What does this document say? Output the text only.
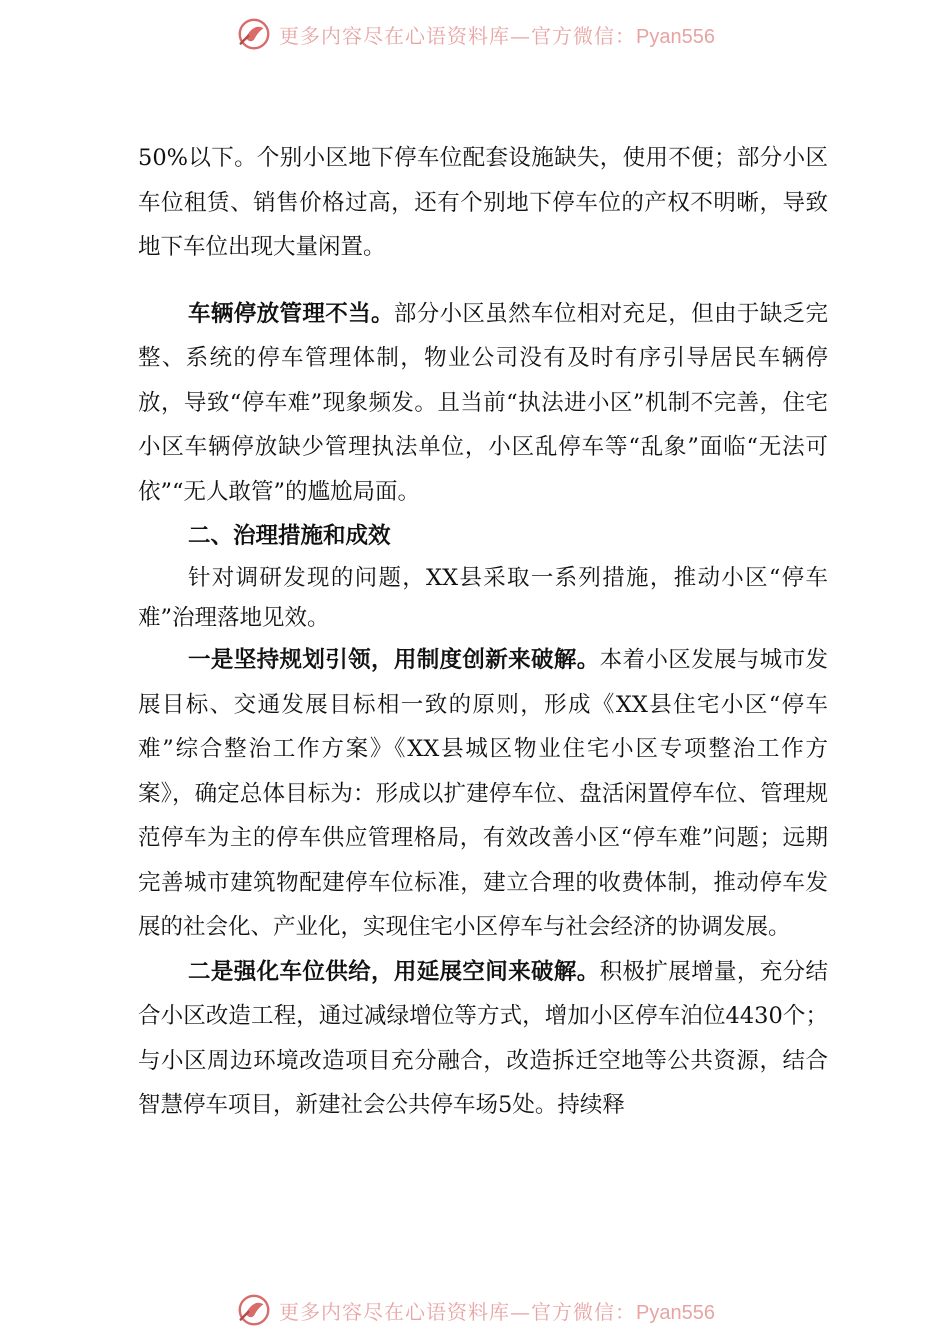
更多内容尽在心语资料库—官方微信：Pyan556

50%以下。个别小区地下停车位配套设施缺失，使用不便；部分小区车位租赁、销售价格过高，还有个别地下停车位的产权不明晰，导致地下车位出现大量闲置。

车辆停放管理不当。部分小区虽然车位相对充足，但由于缺乏完整、系统的停车管理体制，物业公司没有及时有序引导居民车辆停放，导致“停车难”现象频发。且当前“执法进小区”机制不完善，住宅小区车辆停放缺少管理执法单位，小区乱停车等“乱象”面临“无法可依”“无人敢管”的尴尬局面。

二、治理措施和成效

针对调研发现的问题，XX县采取一系列措施，推动小区“停车难”治理落地见效。

一是坚持规划引领，用制度创新来破解。本着小区发展与城市发展目标、交通发展目标相一致的原则，形成《XX县住宅小区“停车难”综合整治工作方案》《XX县城区物业住宅小区专项整治工作方案》，确定总体目标为：形成以扩建停车位、盘活闲置停车位、管理规范停车为主的停车供应管理格局，有效改善小区“停车难”问题；远期完善城市建筑物配建停车位标准，建立合理的收费体制，推动停车发展的社会化、产业化，实现住宅小区停车与社会经济的协调发展。

二是强化车位供给，用延展空间来破解。积极扩展增量，充分结合小区改造工程，通过减绿增位等方式，增加小区停车泊位4430个；与小区周边环境改造项目充分融合，改造拆迁空地等公共资源，结合智慧停车项目，新建社会公共停车场5处。持续释

更多内容尽在心语资料库—官方微信：Pyan556
